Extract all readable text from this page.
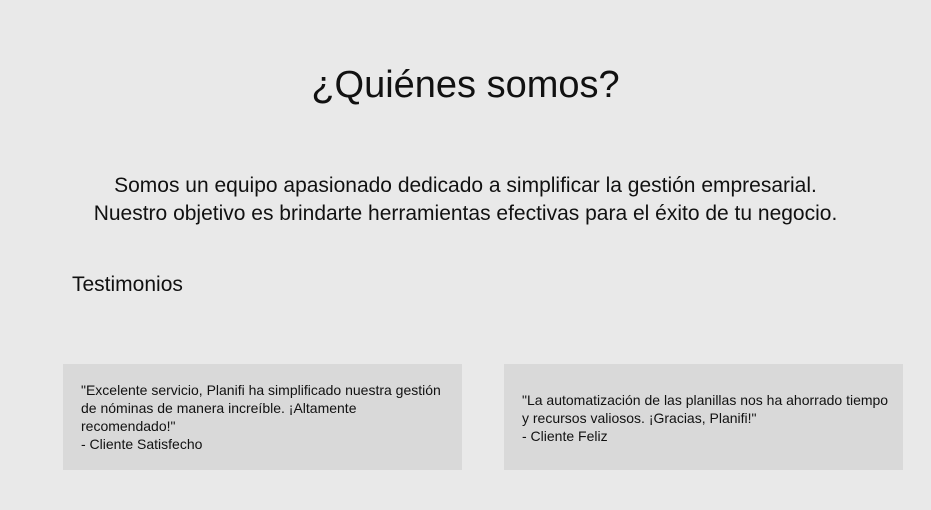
¿Quiénes somos?
Somos un equipo apasionado dedicado a simplificar la gestión empresarial.
Nuestro objetivo es brindarte herramientas efectivas para el éxito de tu negocio.
Testimonios

"Excelente servicio, Planifi ha simplificado nuestra gestión de nóminas de manera increíble. ¡Altamente recomendado!"

- Cliente Satisfecho

"La automatización de las planillas nos ha ahorrado tiempo y recursos valiosos. ¡Gracias, Planifi!"

- Cliente Feliz
